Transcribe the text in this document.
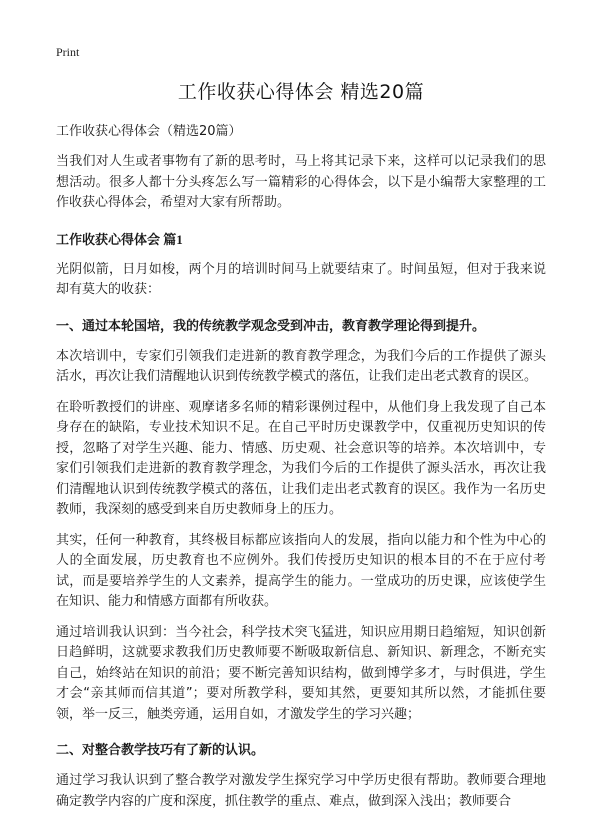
Print
工作收获心得体会 精选20篇
工作收获心得体会（精选20篇）

当我们对人生或者事物有了新的思考时，马上将其记录下来，这样可以记录我们的思想活动。很多人都十分头疼怎么写一篇精彩的心得体会，以下是小编帮大家整理的工作收获心得体会，希望对大家有所帮助。

工作收获心得体会 篇1

光阴似箭，日月如梭，两个月的培训时间马上就要结束了。时间虽短，但对于我来说却有莫大的收获：

一、通过本轮国培，我的传统教学观念受到冲击，教育教学理论得到提升。

本次培训中，专家们引领我们走进新的教育教学理念，为我们今后的工作提供了源头活水，再次让我们清醒地认识到传统教学模式的落伍，让我们走出老式教育的误区。

在聆听教授们的讲座、观摩诸多名师的精彩课例过程中，从他们身上我发现了自己本身存在的缺陷，专业技术知识不足。在自己平时历史课教学中，仅重视历史知识的传授，忽略了对学生兴趣、能力、情感、历史观、社会意识等的培养。本次培训中，专家们引领我们走进新的教育教学理念，为我们今后的工作提供了源头活水，再次让我们清醒地认识到传统教学模式的落伍，让我们走出老式教育的误区。我作为一名历史教师，我深刻的感受到来自历史教师身上的压力。

其实，任何一种教育，其终极目标都应该指向人的发展，指向以能力和个性为中心的人的全面发展，历史教育也不应例外。我们传授历史知识的根本目的不在于应付考试，而是要培养学生的人文素养，提高学生的能力。一堂成功的历史课，应该使学生在知识、能力和情感方面都有所收获。

通过培训我认识到：当今社会，科学技术突飞猛进，知识应用期日趋缩短，知识创新日趋鲜明，这就要求教我们历史教师要不断吸取新信息、新知识、新理念，不断充实自己，始终站在知识的前沿；要不断完善知识结构，做到博学多才，与时俱进，学生才会“亲其师而信其道”；要对所教学科，要知其然，更要知其所以然，才能抓住要领，举一反三，触类旁通，运用自如，才激发学生的学习兴趣；

二、对整合教学技巧有了新的认识。

通过学习我认识到了整合教学对激发学生探究学习中学历史很有帮助。教师要合理地确定教学内容的广度和深度，抓住教学的重点、难点，做到深入浅出；教师要合
